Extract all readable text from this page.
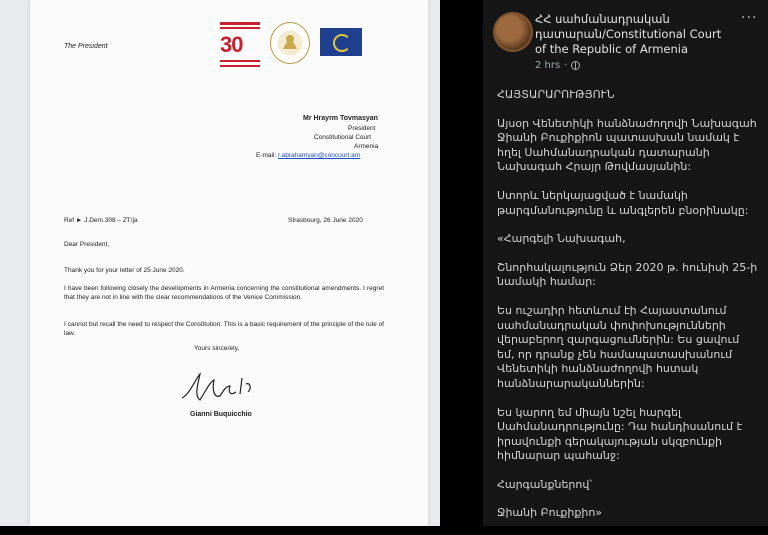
The President	30
Mr Hrayrm Tovmasyan
President
Constitutional Court
Armenia
E-mail: r.abrahamyan@concourt.am
Ref ► J.Dem.308 – ZT/ja	Strasbourg, 26 June 2020
Dear President,
Thank you for your letter of 25 June 2020.
I have been following closely the developments in Armenia concerning the constitutional amendments. I regret that they are not in line with the clear recommendations of the Venice Commission.
I cannot but recall the need to respect the Constitution. This is a basic requirement of the principle of the rule of law.
Yours sincerely,
Gianni Buquicchio
ՀՀ սահմանադրական դատարան/Constitutional Court of the Republic of Armenia
···
2 hrs ·

ՀԱՅՏԱՐԱՐՈՒԹՅՈՒՆ

Այսօր Վենետիկի հանձնաժողովի Նախագահ Ջիանի Բուքիքիոն պատասխան նամակ է հղել Սահմանադրական դատարանի Նախագահ Հրայր Թովմասյանին:

Ստորև ներկայացված է նամակի թարգմանությունը և անգլերեն բնօրինակը:

«Հարգելի Նախագահ,

Շնորհակալություն Ձեր 2020 թ. հունիսի 25-ի նամակի համար:

Ես ուշադիր հետևում էի Հայաստանում սահմանադրական փոփոխությունների վերաբերող զարգացումներին: Ես ցավում եմ, որ դրանք չեն համապատասխանում Վենետիկի հանձնաժողովի հստակ հանձնարարականներին:

Ես կարող եմ միայն նշել հարգել Սահմանադրությունը: Դա հանդիսանում է իրավունքի գերակայության սկզբունքի հիմնարար պահանջ:

Հարգանքներով՝

Ջիանի Բուքիքիո»
